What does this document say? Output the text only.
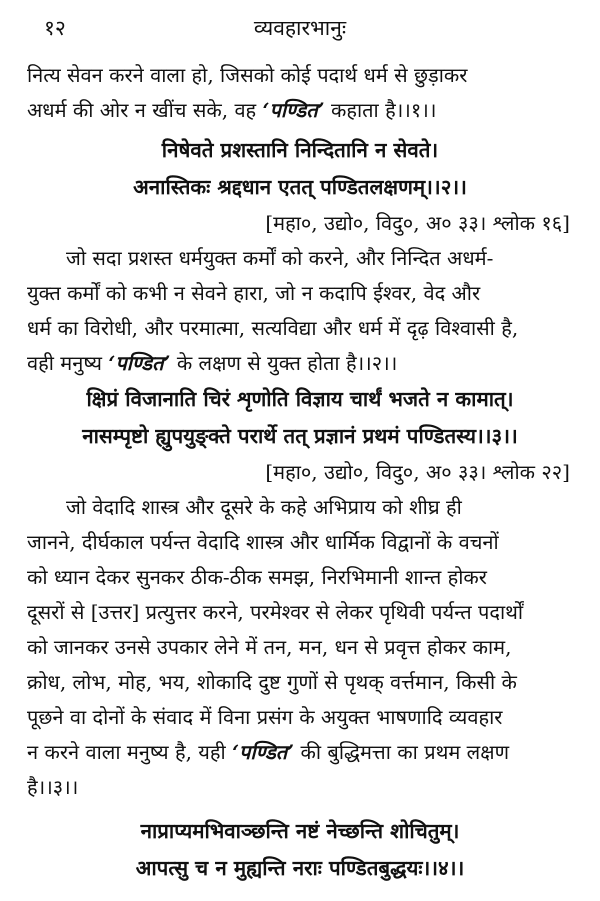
१२	व्यवहारभानुः
नित्य सेवन करने वाला हो, जिसको कोई पदार्थ धर्म से छुड़ाकर
अधर्म की ओर न खींच सके, वह ‘पण्डित’ कहाता है।।१।।
निषेवते प्रशस्तानि निन्दितानि न सेवते।
अनास्तिकः श्रद्दधान एतत् पण्डितलक्षणम्।।२।।
[महा०, उद्यो०, विदु०, अ० ३३। श्लोक १६]
जो सदा प्रशस्त धर्मयुक्त कर्मों को करने, और निन्दित अधर्म-
युक्त कर्मों को कभी न सेवने हारा, जो न कदापि ईश्वर, वेद और
धर्म का विरोधी, और परमात्मा, सत्यविद्या और धर्म में दृढ़ विश्वासी है,
वही मनुष्य ‘पण्डित’ के लक्षण से युक्त होता है।।२।।
क्षिप्रं विजानाति चिरं शृणोति विज्ञाय चार्थं भजते न कामात्।
नासम्पृष्टो ह्युपयुङ्क्ते परार्थे तत् प्रज्ञानं प्रथमं पण्डितस्य।।३।।
[महा०, उद्यो०, विदु०, अ० ३३। श्लोक २२]
जो वेदादि शास्त्र और दूसरे के कहे अभिप्राय को शीघ्र ही
जानने, दीर्घकाल पर्यन्त वेदादि शास्त्र और धार्मिक विद्वानों के वचनों
को ध्यान देकर सुनकर ठीक-ठीक समझ, निरभिमानी शान्त होकर
दूसरों से [उत्तर] प्रत्युत्तर करने, परमेश्वर से लेकर पृथिवी पर्यन्त पदार्थों
को जानकर उनसे उपकार लेने में तन, मन, धन से प्रवृत्त होकर काम,
क्रोध, लोभ, मोह, भय, शोकादि दुष्ट गुणों से पृथक् वर्त्तमान, किसी के
पूछने वा दोनों के संवाद में विना प्रसंग के अयुक्त भाषणादि व्यवहार
न करने वाला मनुष्य है, यही ‘पण्डित’ की बुद्धिमत्ता का प्रथम लक्षण
है।।३।।
नाप्राप्यमभिवाञ्छन्ति नष्टं नेच्छन्ति शोचितुम्।
आपत्सु च न मुह्यन्ति नराः पण्डितबुद्धयः।।४।।
